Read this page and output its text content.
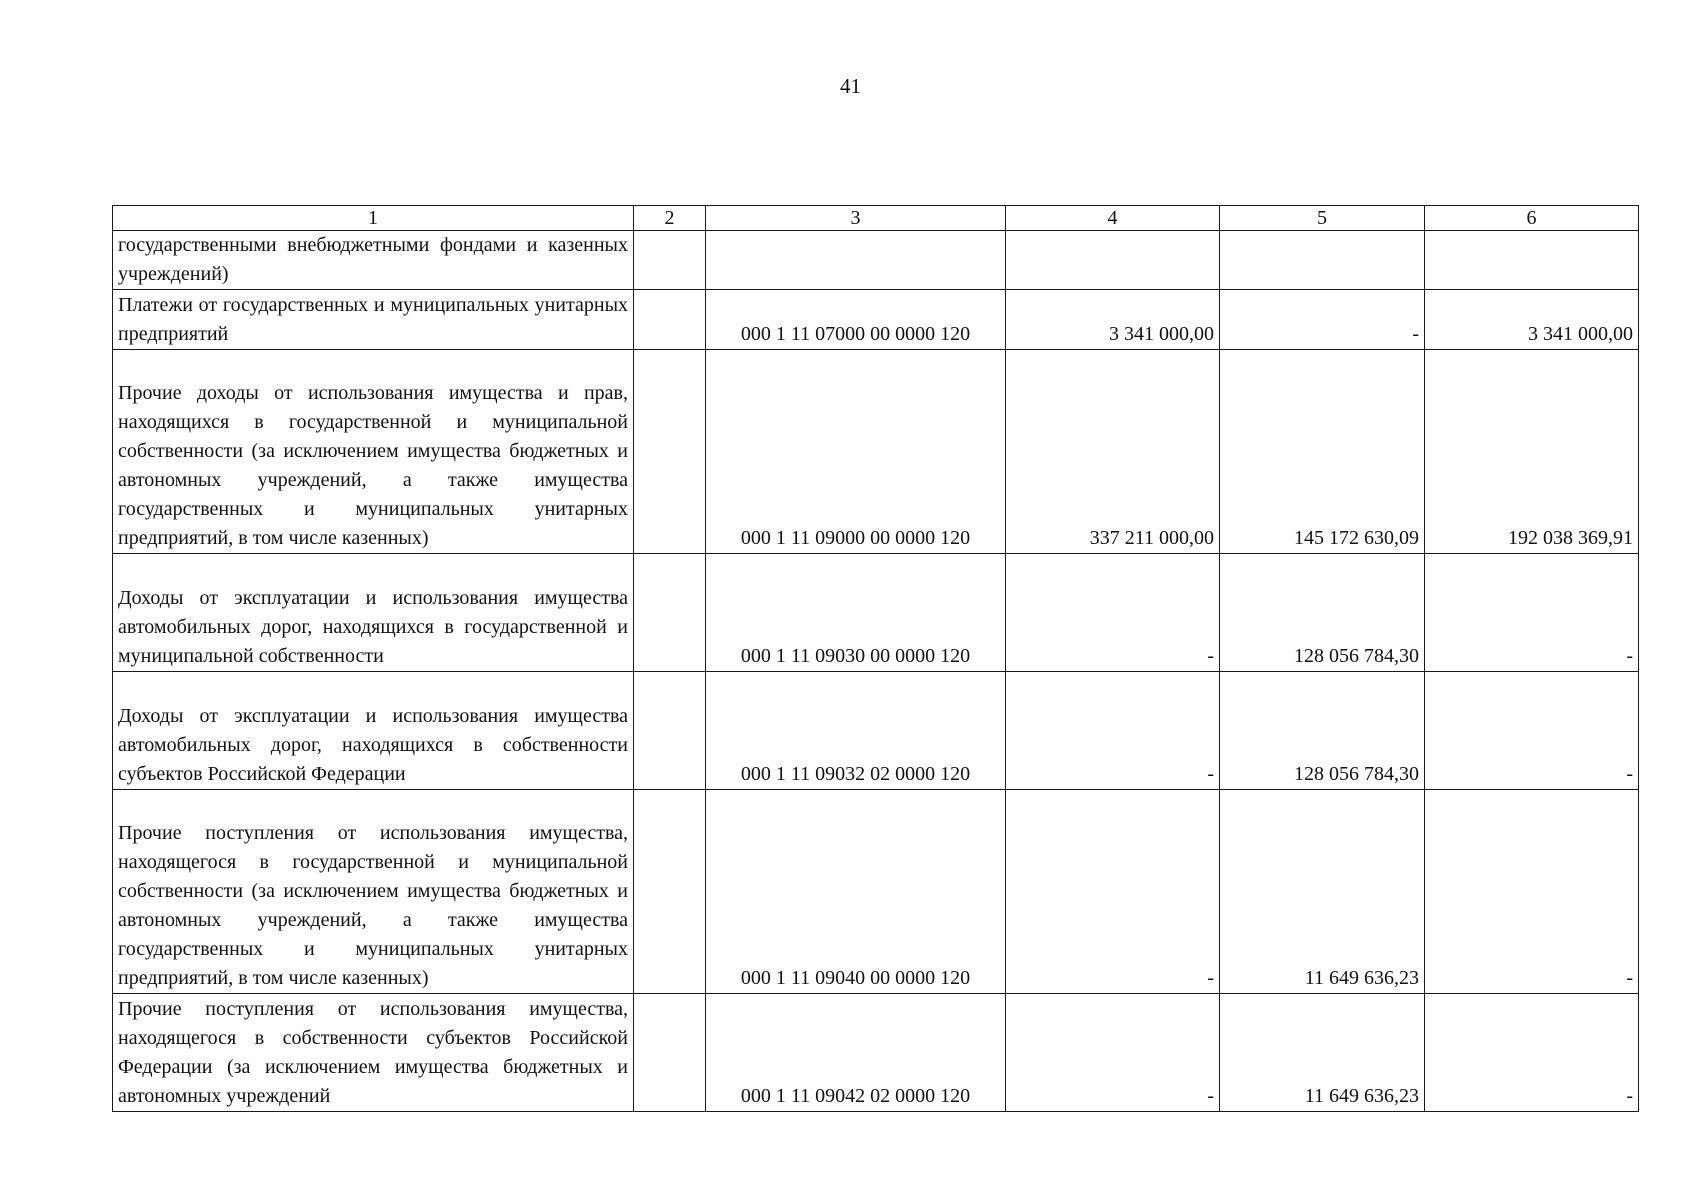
41
1	2	3	4	5	6
государственными внебюджетными фондами и казенных учреждений)					
Платежи от государственных и муниципальных унитарных предприятий		000 1 11 07000 00 0000 120	3 341 000,00	-	3 341 000,00
Прочие доходы от использования имущества и прав, находящихся в государственной и муниципальной собственности (за исключением имущества бюджетных и автономных учреждений, а также имущества государственных и муниципальных унитарных предприятий, в том числе казенных)		000 1 11 09000 00 0000 120	337 211 000,00	145 172 630,09	192 038 369,91
Доходы от эксплуатации и использования имущества автомобильных дорог, находящихся в государственной и муниципальной собственности		000 1 11 09030 00 0000 120	-	128 056 784,30	-
Доходы от эксплуатации и использования имущества автомобильных дорог, находящихся в собственности субъектов Российской Федерации		000 1 11 09032 02 0000 120	-	128 056 784,30	-
Прочие поступления от использования имущества, находящегося в государственной и муниципальной собственности (за исключением имущества бюджетных и автономных учреждений, а также имущества государственных и муниципальных унитарных предприятий, в том числе казенных)		000 1 11 09040 00 0000 120	-	11 649 636,23	-
Прочие поступления от использования имущества, находящегося в собственности субъектов Российской Федерации (за исключением имущества бюджетных и автономных учреждений		000 1 11 09042 02 0000 120	-	11 649 636,23	-
